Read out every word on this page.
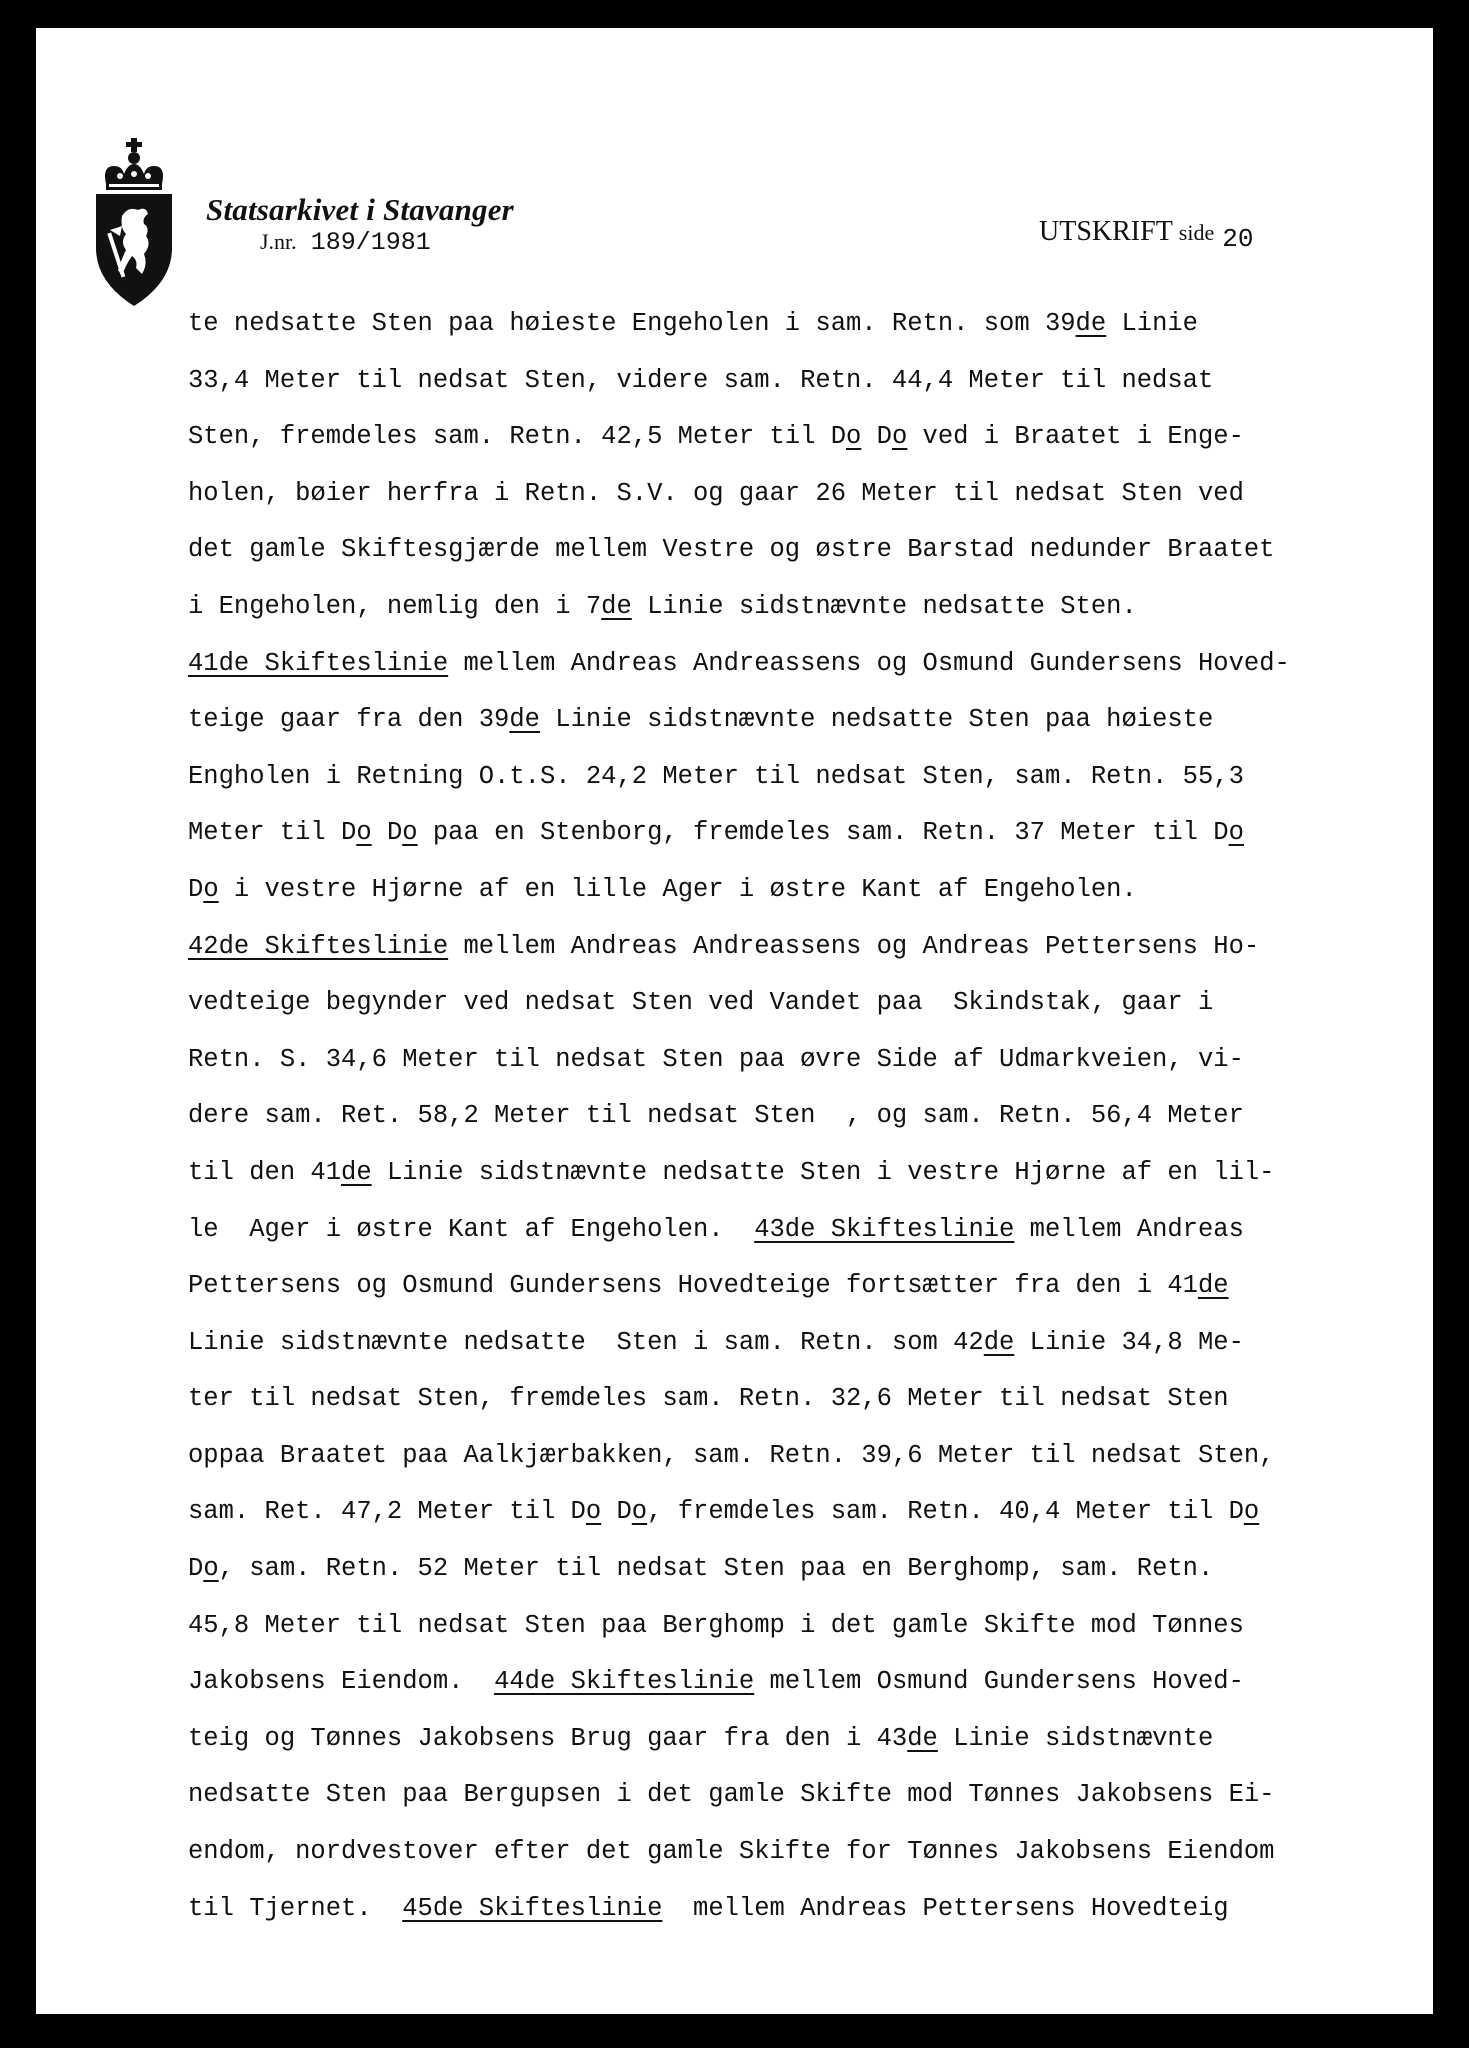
Statsarkivet i Stavanger
J.nr. 189/1981	UTSKRIFT side 20
te nedsatte Sten paa høieste Engeholen i sam. Retn. som 39de Linie
33,4 Meter til nedsat Sten, videre sam. Retn. 44,4 Meter til nedsat
Sten, fremdeles sam. Retn. 42,5 Meter til Do Do ved i Braatet i Enge-
holen, bøier herfra i Retn. S.V. og gaar 26 Meter til nedsat Sten ved
det gamle Skiftesgjærde mellem Vestre og østre Barstad nedunder Braatet
i Engeholen, nemlig den i 7de Linie sidstnævnte nedsatte Sten.
41de Skifteslinie mellem Andreas Andreassens og Osmund Gundersens Hoved-
teige gaar fra den 39de Linie sidstnævnte nedsatte Sten paa høieste
Engholen i Retning O.t.S. 24,2 Meter til nedsat Sten, sam. Retn. 55,3
Meter til Do Do paa en Stenborg, fremdeles sam. Retn. 37 Meter til Do
Do i vestre Hjørne af en lille Ager i østre Kant af Engeholen.
42de Skifteslinie mellem Andreas Andreassens og Andreas Pettersens Ho-
vedteige begynder ved nedsat Sten ved Vandet paa  Skindstak, gaar i
Retn. S. 34,6 Meter til nedsat Sten paa øvre Side af Udmarkveien, vi-
dere sam. Ret. 58,2 Meter til nedsat Sten  , og sam. Retn. 56,4 Meter
til den 41de Linie sidstnævnte nedsatte Sten i vestre Hjørne af en lil-
le  Ager i østre Kant af Engeholen.  43de Skifteslinie mellem Andreas
Pettersens og Osmund Gundersens Hovedteige fortsætter fra den i 41de
Linie sidstnævnte nedsatte  Sten i sam. Retn. som 42de Linie 34,8 Me-
ter til nedsat Sten, fremdeles sam. Retn. 32,6 Meter til nedsat Sten
oppaa Braatet paa Aalkjærbakken, sam. Retn. 39,6 Meter til nedsat Sten,
sam. Ret. 47,2 Meter til Do Do, fremdeles sam. Retn. 40,4 Meter til Do
Do, sam. Retn. 52 Meter til nedsat Sten paa en Berghomp, sam. Retn.
45,8 Meter til nedsat Sten paa Berghomp i det gamle Skifte mod Tønnes
Jakobsens Eiendom.  44de Skifteslinie mellem Osmund Gundersens Hoved-
teig og Tønnes Jakobsens Brug gaar fra den i 43de Linie sidstnævnte
nedsatte Sten paa Bergupsen i det gamle Skifte mod Tønnes Jakobsens Ei-
endom, nordvestover efter det gamle Skifte for Tønnes Jakobsens Eiendom
til Tjernet.  45de Skifteslinie  mellem Andreas Pettersens Hovedteig
